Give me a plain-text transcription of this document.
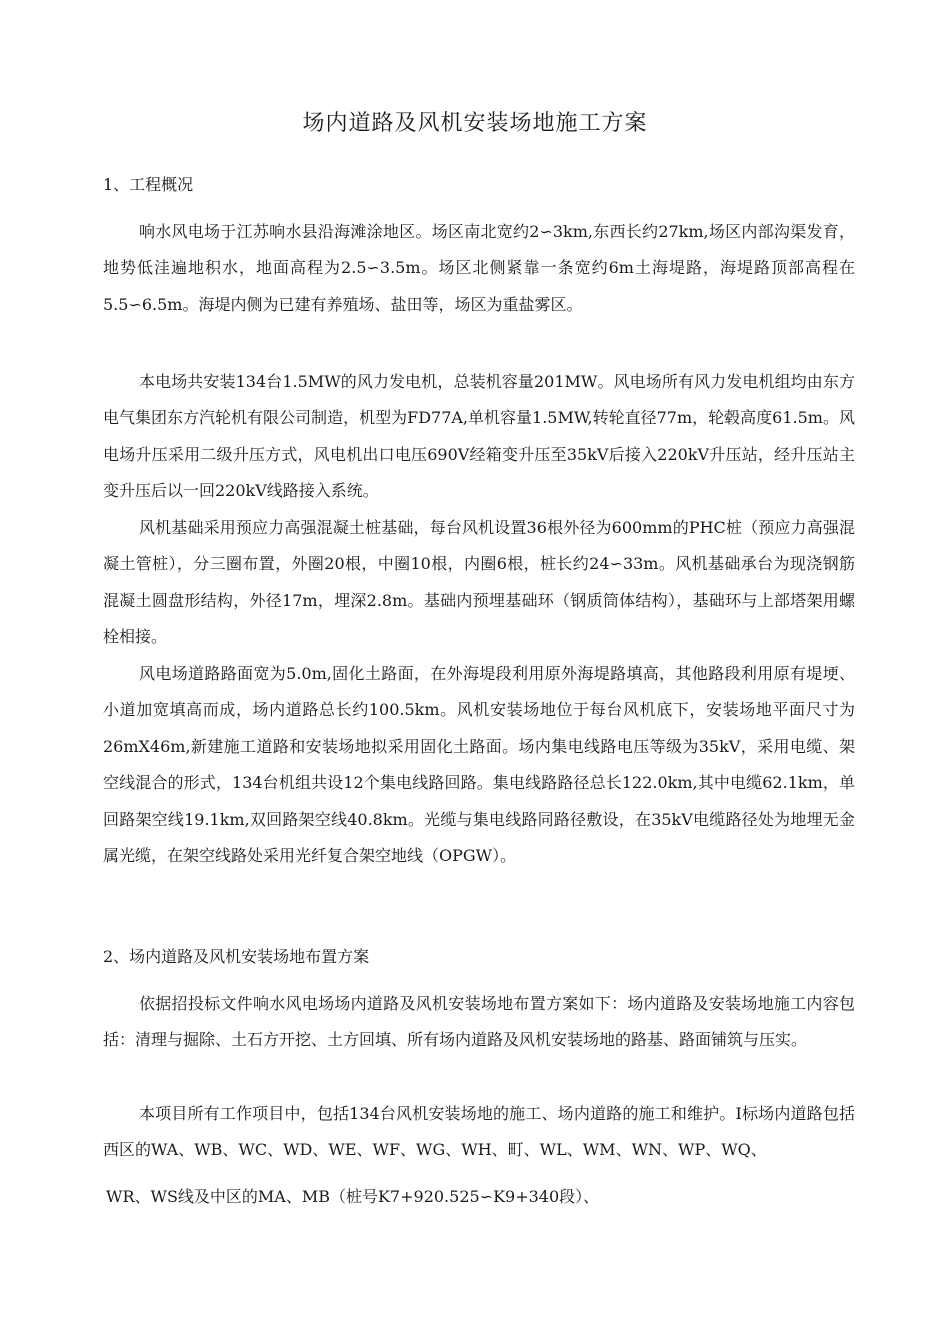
场内道路及风机安装场地施工方案
1、工程概况
响水风电场于江苏响水县沿海滩涂地区。场区南北宽约2∽3km,东西长约27km,场区内部沟渠发育，地势低洼遍地积水，地面高程为2.5∽3.5m。场区北侧紧靠一条宽约6m土海堤路，海堤路顶部高程在5.5∽6.5m。海堤内侧为已建有养殖场、盐田等，场区为重盐雾区。
本电场共安装134台1.5MW的风力发电机，总装机容量201MW。风电场所有风力发电机组均由东方电气集团东方汽轮机有限公司制造，机型为FD77A,单机容量1.5MW,转轮直径77m，轮毂高度61.5m。风电场升压采用二级升压方式，风电机出口电压690V经箱变升压至35kV后接入220kV升压站，经升压站主变升压后以一回220kV线路接入系统。
风机基础采用预应力高强混凝土桩基础，每台风机设置36根外径为600mm的PHC桩（预应力高强混凝土管桩），分三圈布置，外圈20根，中圈10根，内圈6根，桩长约24∽33m。风机基础承台为现浇钢筋混凝土圆盘形结构，外径17m，埋深2.8m。基础内预埋基础环（钢质筒体结构），基础环与上部塔架用螺栓相接。
风电场道路路面宽为5.0m,固化土路面，在外海堤段利用原外海堤路填高，其他路段利用原有堤埂、小道加宽填高而成，场内道路总长约100.5km。风机安装场地位于每台风机底下，安装场地平面尺寸为26mX46m,新建施工道路和安装场地拟采用固化土路面。场内集电线路电压等级为35kV，采用电缆、架空线混合的形式，134台机组共设12个集电线路回路。集电线路路径总长122.0km,其中电缆62.1km，单回路架空线19.1km,双回路架空线40.8km。光缆与集电线路同路径敷设，在35kV电缆路径处为地埋无金属光缆，在架空线路处采用光纤复合架空地线（OPGW）。
2、场内道路及风机安装场地布置方案
依据招投标文件响水风电场场内道路及风机安装场地布置方案如下：场内道路及安装场地施工内容包括：清理与掘除、土石方开挖、土方回填、所有场内道路及风机安装场地的路基、路面铺筑与压实。
本项目所有工作项目中，包括134台风机安装场地的施工、场内道路的施工和维护。I标场内道路包括西区的WA、WB、WC、WD、WE、WF、WG、WH、町、WL、WM、WN、WP、WQ、
WR、WS线及中区的MA、MB（桩号K7+920.525∽K9+340段）、
